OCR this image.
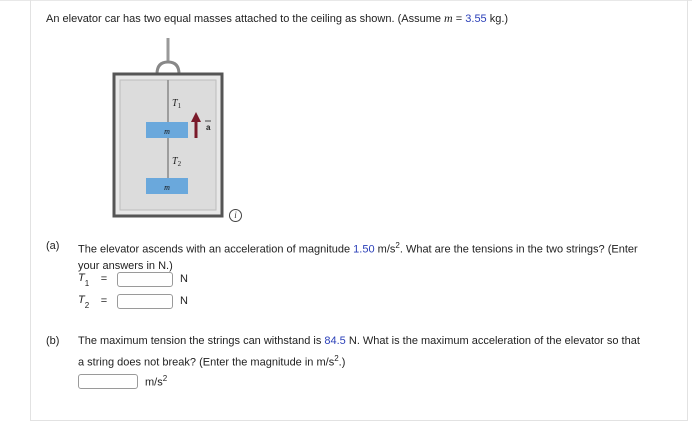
An elevator car has two equal masses attached to the ceiling as shown. (Assume m = 3.55 kg.)
m
m
$T_1$
$T_2$
a
i
(a) The elevator ascends with an acceleration of magnitude 1.50 $m/s^2$. What are the tensions in the two strings? (Enter
your answers in N.)
$T_1$	=	N
$T_2$	=	N
(b) The maximum tension the strings can withstand is 84.5 N. What is the maximum acceleration of the elevator so that
a string does not break? (Enter the magnitude in $m/s^2$.)
$m/s^2$
